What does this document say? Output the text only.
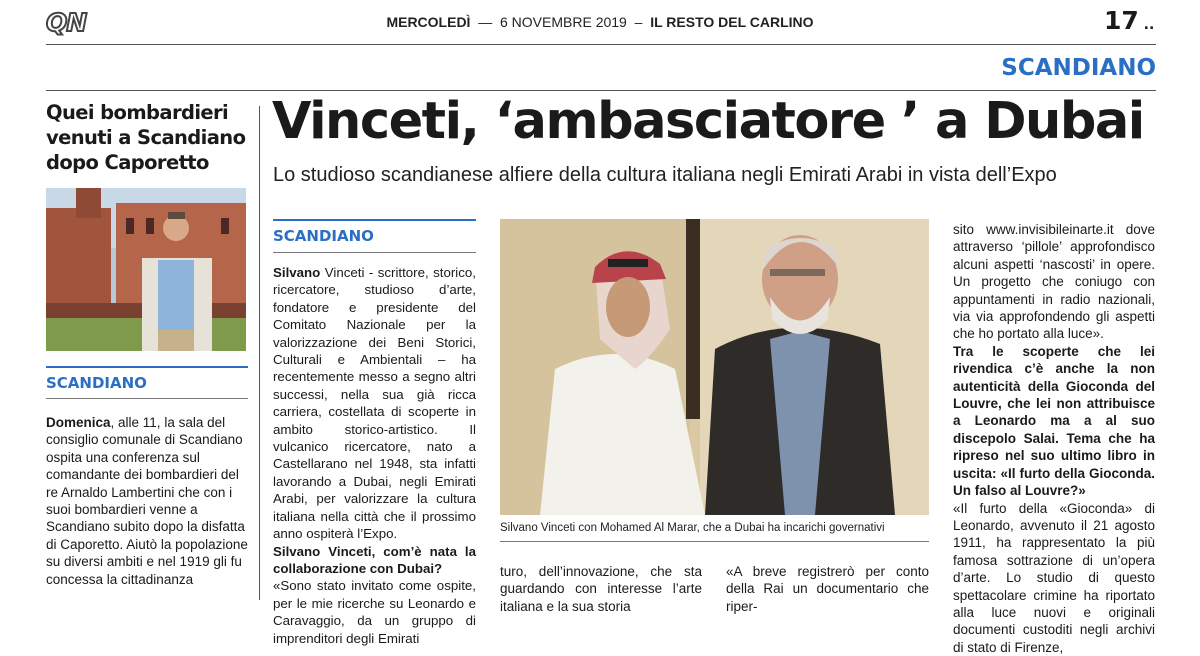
QN	MERCOLEDÌ  —  6 NOVEMBRE 2019  –  IL RESTO DEL CARLINO	17 ..
SCANDIANO
Quei bombardieri venuti a Scandiano dopo Caporetto
SCANDIANO
Domenica, alle 11, la sala del consiglio comunale di Scandiano ospita una conferenza sul comandante dei bombardieri del re Arnaldo Lambertini che con i suoi bombardieri venne a Scandiano subito dopo la disfatta di Caporetto. Aiutò la popolazione su diversi ambiti e nel 1919 gli fu concessa la cittadinanza
Vinceti, ‘ambasciatore ’ a Dubai
Lo studioso scandianese alfiere della cultura italiana negli Emirati Arabi in vista dell’Expo
SCANDIANO

Silvano Vinceti - scrittore, storico, ricercatore, studioso d’arte, fondatore e presidente del Comitato Nazionale per la valorizzazione dei Beni Storici, Culturali e Ambientali – ha recentemente messo a segno altri successi, nella sua già ricca carriera, costellata di scoperte in ambito storico-artistico. Il vulcanico ricercatore, nato a Castellarano nel 1948, sta infatti lavorando a Dubai, negli Emirati Arabi, per valorizzare la cultura italiana nella città che il prossimo anno ospiterà l’Expo.

Silvano Vinceti, com’è nata la collaborazione con Dubai?

«Sono stato invitato come ospite, per le mie ricerche su Leonardo e Caravaggio, da un gruppo di imprenditori degli Emirati

Silvano Vinceti con Mohamed Al Marar, che a Dubai ha incarichi governativi
turo, dell’innovazione, che sta guardando con interesse l’arte italiana e la sua storia
«A breve registrerò per conto della Rai un documentario che riper-

sito www.invisibileinarte.it dove attraverso ‘pillole’ approfondisco alcuni aspetti ‘nascosti’ in opere. Un progetto che coniugo con appuntamenti in radio nazionali, via via approfondendo gli aspetti che ho portato alla luce».

Tra le scoperte che lei rivendica c’è anche la non autenticità della Gioconda del Louvre, che lei non attribuisce a Leonardo ma a al suo discepolo Salai. Tema che ha ripreso nel suo ultimo libro in uscita: «Il furto della Gioconda. Un falso al Louvre?»

«Il furto della «Gioconda» di Leonardo, avvenuto il 21 agosto 1911, ha rappresentato la più famosa sottrazione di un’opera d’arte. Lo studio di questo spettacolare crimine ha riportato alla luce nuovi e originali documenti custoditi negli archivi di stato di Firenze,
